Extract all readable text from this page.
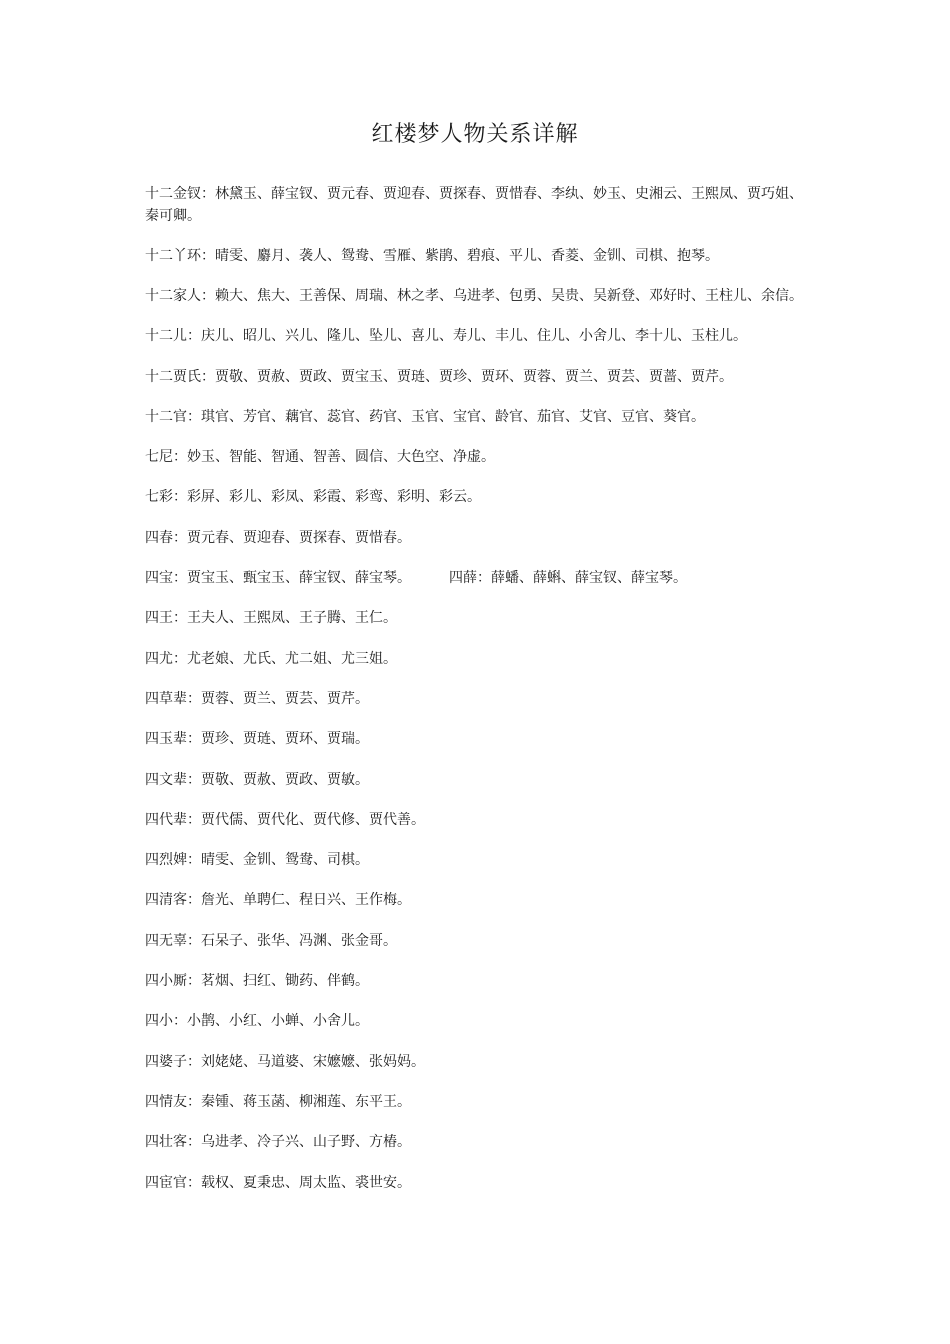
红楼梦人物关系详解

十二金钗：林黛玉、薛宝钗、贾元春、贾迎春、贾探春、贾惜春、李纨、妙玉、史湘云、王熙凤、贾巧姐、秦可卿。

十二丫环：晴雯、麝月、袭人、鸳鸯、雪雁、紫鹃、碧痕、平儿、香菱、金钏、司棋、抱琴。

十二家人：赖大、焦大、王善保、周瑞、林之孝、乌进孝、包勇、吴贵、吴新登、邓好时、王柱儿、余信。

十二儿：庆儿、昭儿、兴儿、隆儿、坠儿、喜儿、寿儿、丰儿、住儿、小舍儿、李十儿、玉柱儿。

十二贾氏：贾敬、贾赦、贾政、贾宝玉、贾琏、贾珍、贾环、贾蓉、贾兰、贾芸、贾蔷、贾芹。

十二官：琪官、芳官、藕官、蕊官、药官、玉官、宝官、龄官、茄官、艾官、豆官、葵官。

七尼：妙玉、智能、智通、智善、圆信、大色空、净虚。

七彩：彩屏、彩儿、彩凤、彩霞、彩鸾、彩明、彩云。

四春：贾元春、贾迎春、贾探春、贾惜春。

四宝：贾宝玉、甄宝玉、薛宝钗、薛宝琴。	四薛：薛蟠、薛蝌、薛宝钗、薛宝琴。

四王：王夫人、王熙凤、王子腾、王仁。

四尤：尤老娘、尤氏、尤二姐、尤三姐。

四草辈：贾蓉、贾兰、贾芸、贾芹。

四玉辈：贾珍、贾琏、贾环、贾瑞。

四文辈：贾敬、贾赦、贾政、贾敏。

四代辈：贾代儒、贾代化、贾代修、贾代善。

四烈婢：晴雯、金钏、鸳鸯、司棋。

四清客：詹光、单聘仁、程日兴、王作梅。

四无辜：石呆子、张华、冯渊、张金哥。

四小厮：茗烟、扫红、锄药、伴鹤。

四小：小鹊、小红、小蝉、小舍儿。

四婆子：刘姥姥、马道婆、宋嬷嬷、张妈妈。

四情友：秦锺、蒋玉菡、柳湘莲、东平王。

四壮客：乌进孝、冷子兴、山子野、方椿。

四宦官：载权、夏秉忠、周太监、裘世安。
